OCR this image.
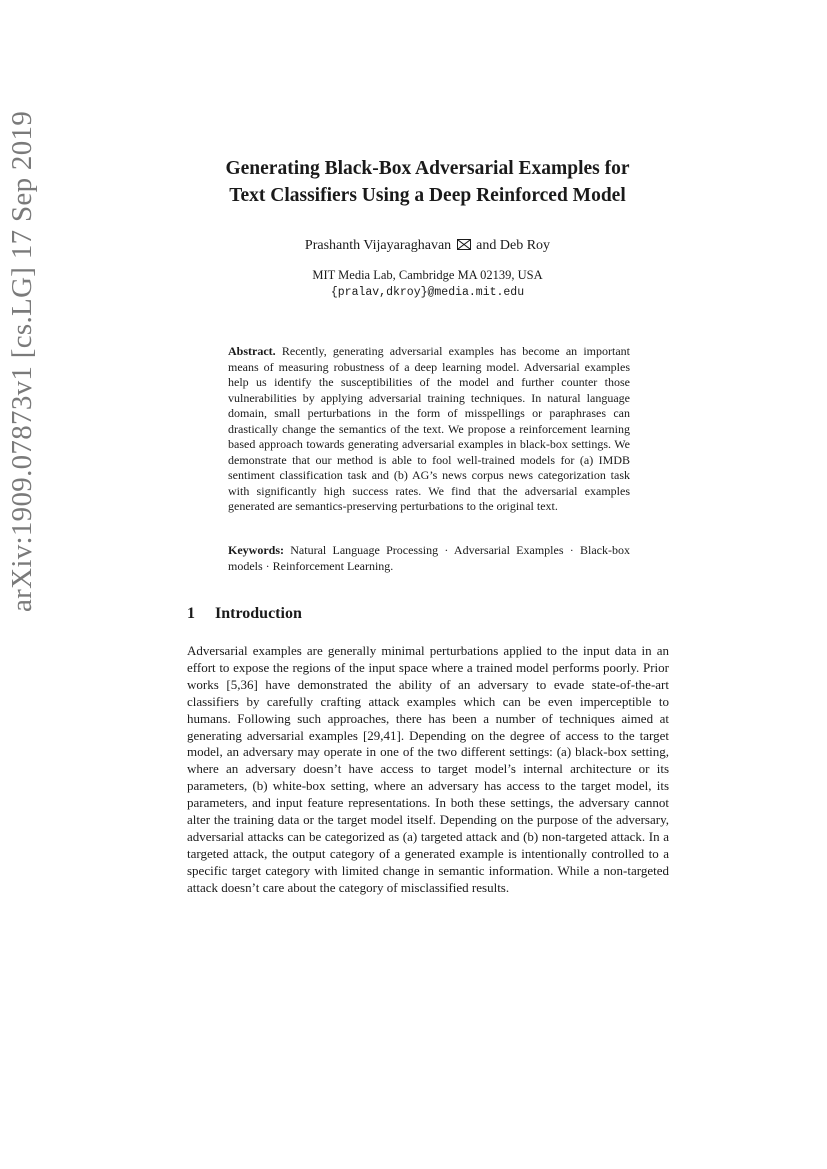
arXiv:1909.07873v1 [cs.LG] 17 Sep 2019	Generating Black-Box Adversarial Examples for
Text Classifiers Using a Deep Reinforced Model
Prashanth Vijayaraghavan and Deb Roy
MIT Media Lab, Cambridge MA 02139, USA
{pralav,dkroy}@media.mit.edu
Abstract. Recently, generating adversarial examples has become an important means of measuring robustness of a deep learning model. Adversarial examples help us identify the susceptibilities of the model and further counter those vulnerabilities by applying adversarial training techniques. In natural language domain, small perturbations in the form of misspellings or paraphrases can drastically change the semantics of the text. We propose a reinforcement learning based approach towards generating adversarial examples in black-box settings. We demonstrate that our method is able to fool well-trained models for (a) IMDB sentiment classification task and (b) AG’s news corpus news categorization task with significantly high success rates. We find that the adversarial examples generated are semantics-preserving perturbations to the original text.
Keywords: Natural Language Processing · Adversarial Examples · Black-box models · Reinforcement Learning.
1 Introduction
Adversarial examples are generally minimal perturbations applied to the input data in an effort to expose the regions of the input space where a trained model performs poorly. Prior works [5,36] have demonstrated the ability of an adversary to evade state-of-the-art classifiers by carefully crafting attack examples which can be even imperceptible to humans. Following such approaches, there has been a number of techniques aimed at generating adversarial examples [29,41]. Depending on the degree of access to the target model, an adversary may operate in one of the two different settings: (a) black-box setting, where an adversary doesn’t have access to target model’s internal architecture or its parameters, (b) white-box setting, where an adversary has access to the target model, its parameters, and input feature representations. In both these settings, the adversary cannot alter the training data or the target model itself. Depending on the purpose of the adversary, adversarial attacks can be categorized as (a) targeted attack and (b) non-targeted attack. In a targeted attack, the output category of a generated example is intentionally controlled to a specific target category with limited change in semantic information. While a non-targeted attack doesn’t care about the category of misclassified results.
